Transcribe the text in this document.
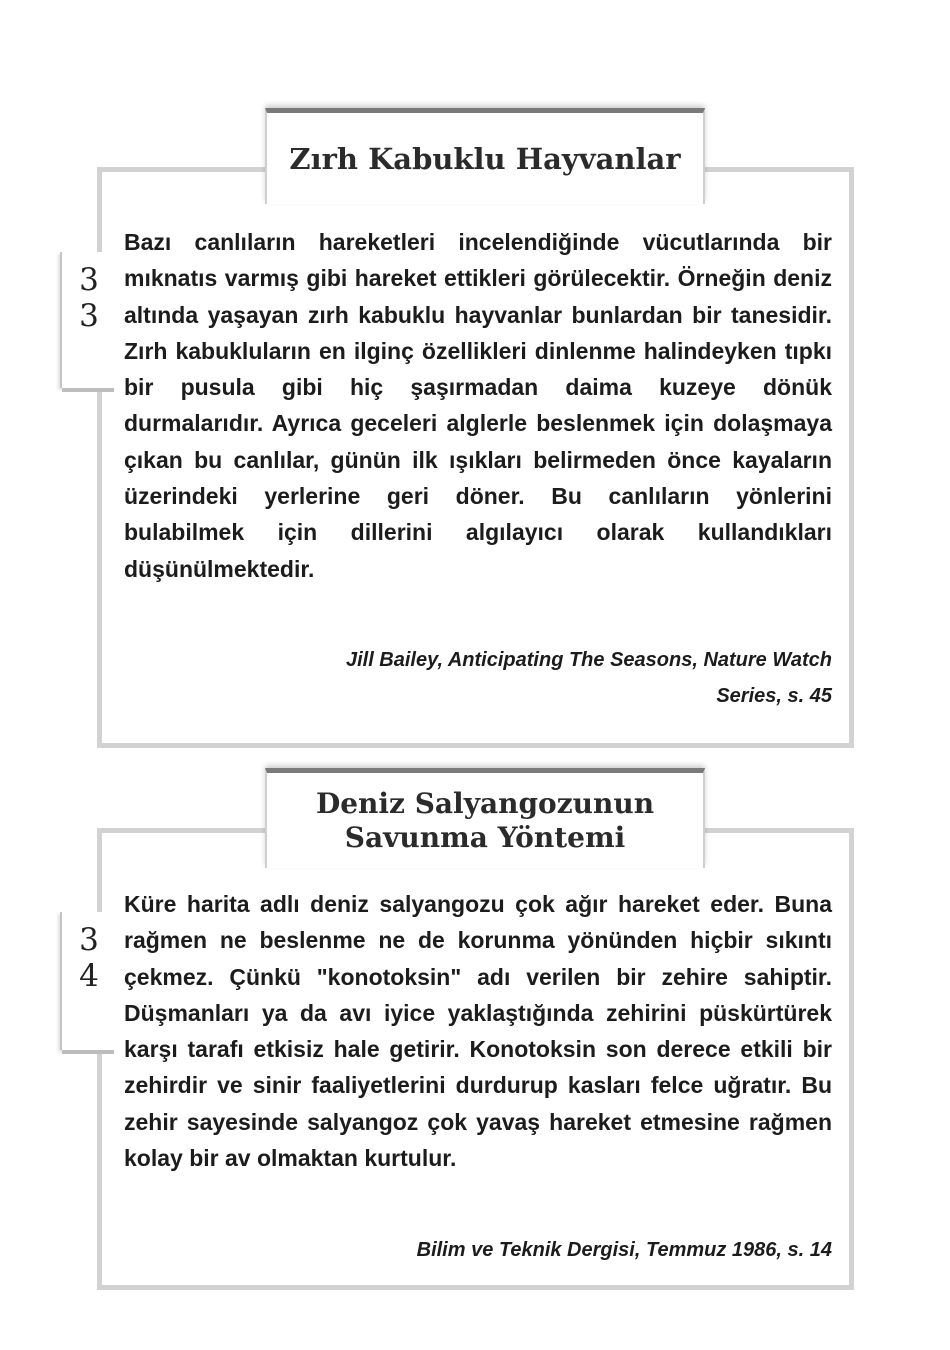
Zırh Kabuklu Hayvanlar
3
3

Bazı canlıların hareketleri incelendiğinde vücutlarında bir mıknatıs varmış gibi hareket ettikleri görülecektir. Örneğin deniz altında yaşayan zırh kabuklu hayvanlar bunlardan bir tanesidir. Zırh kabukluların en ilginç özellikleri dinlenme halindeyken tıpkı bir pusula gibi hiç şaşırmadan daima kuzeye dönük durmalarıdır. Ayrıca geceleri alglerle beslenmek için dolaşmaya çıkan bu canlılar, günün ilk ışıkları belirmeden önce kayaların üzerindeki yerlerine geri döner. Bu canlıların yönlerini bulabilmek için dillerini algılayıcı olarak kullandıkları düşünülmektedir.

Jill Bailey, Anticipating The Seasons, Nature Watch
Series, s. 45

Deniz Salyangozunun
Savunma Yöntemi
3
4

Küre harita adlı deniz salyangozu çok ağır hareket eder. Buna rağmen ne beslenme ne de korunma yönünden hiçbir sıkıntı çekmez. Çünkü "konotoksin" adı verilen bir zehire sahiptir. Düşmanları ya da avı iyice yaklaştığında zehirini püskürtürek karşı tarafı etkisiz hale getirir. Konotoksin son derece etkili bir zehirdir ve sinir faaliyetlerini durdurup kasları felce uğratır. Bu zehir sayesinde salyangoz çok yavaş hareket etmesine rağmen kolay bir av olmaktan kurtulur.

Bilim ve Teknik Dergisi, Temmuz 1986, s. 14
